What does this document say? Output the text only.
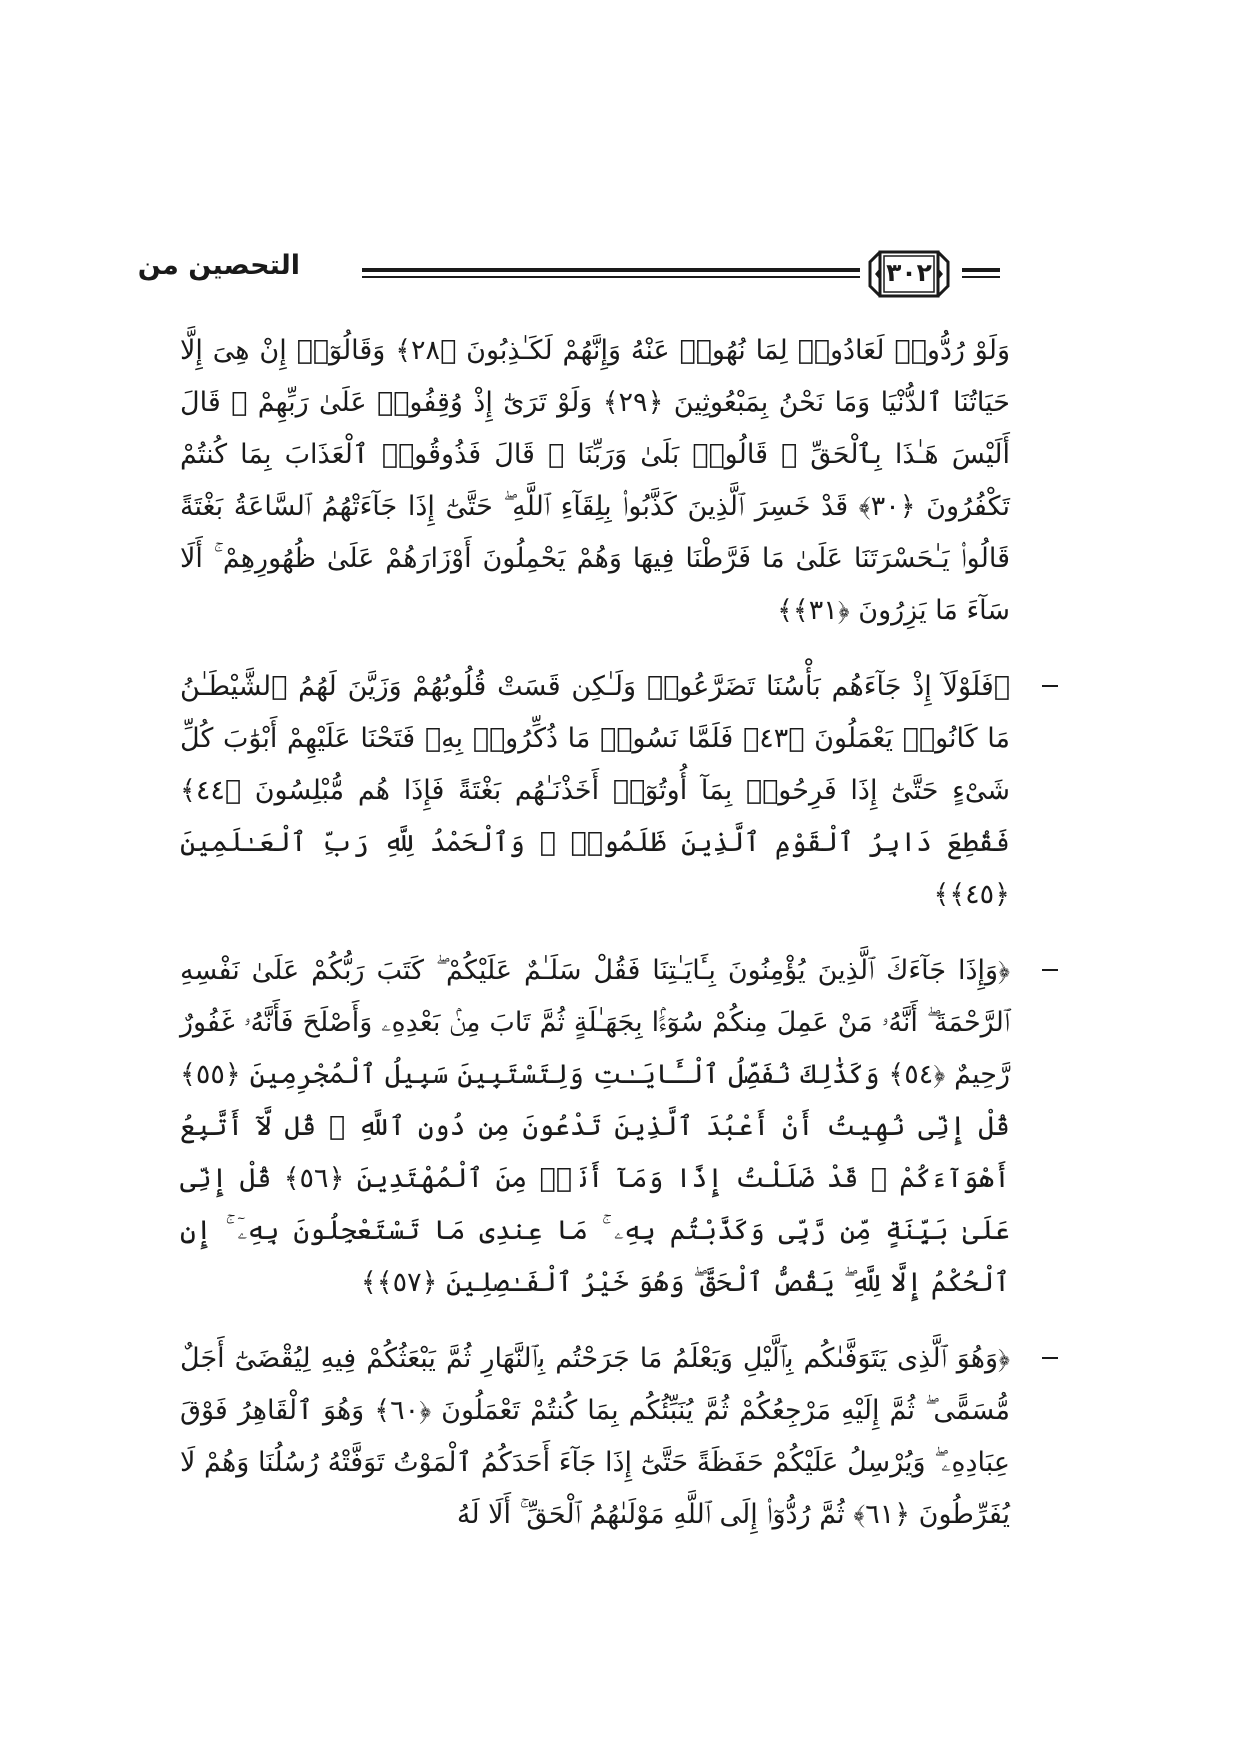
التحصين من	٣٠٢
وَلَوْ رُدُّوا۟ لَعَادُوا۟ لِمَا نُهُوا۟ عَنْهُ وَإِنَّهُمْ لَكَـٰذِبُونَ ﴿٢٨﴾ وَقَالُوٓا۟ إِنْ هِىَ إِلَّا حَيَاتُنَا ٱلدُّنْيَا وَمَا نَحْنُ بِمَبْعُوثِينَ ﴿٢٩﴾ وَلَوْ تَرَىٰٓ إِذْ وُقِفُوا۟ عَلَىٰ رَبِّهِمْ ۚ قَالَ أَلَيْسَ هَـٰذَا بِٱلْحَقِّ ۚ قَالُوا۟ بَلَىٰ وَرَبِّنَا ۚ قَالَ فَذُوقُوا۟ ٱلْعَذَابَ بِمَا كُنتُمْ تَكْفُرُونَ ﴿٣٠﴾ قَدْ خَسِرَ ٱلَّذِينَ كَذَّبُوا۟ بِلِقَآءِ ٱللَّهِ ۖ حَتَّىٰٓ إِذَا جَآءَتْهُمُ ٱلسَّاعَةُ بَغْتَةً قَالُوا۟ يَـٰحَسْرَتَنَا عَلَىٰ مَا فَرَّطْنَا فِيهَا وَهُمْ يَحْمِلُونَ أَوْزَارَهُمْ عَلَىٰ ظُهُورِهِمْ ۚ أَلَا سَآءَ مَا يَزِرُونَ ﴿٣١﴾﴾
﴿فَلَوْلَآ إِذْ جَآءَهُم بَأْسُنَا تَضَرَّعُوا۟ وَلَـٰكِن قَسَتْ قُلُوبُهُمْ وَزَيَّنَ لَهُمُ ٱلشَّيْطَـٰنُ مَا كَانُوا۟ يَعْمَلُونَ ﴿٤٣﴾ فَلَمَّا نَسُوا۟ مَا ذُكِّرُوا۟ بِهِۦ فَتَحْنَا عَلَيْهِمْ أَبْوَٰبَ كُلِّ شَىْءٍ حَتَّىٰٓ إِذَا فَرِحُوا۟ بِمَآ أُوتُوٓا۟ أَخَذْنَـٰهُم بَغْتَةً فَإِذَا هُم مُّبْلِسُونَ ﴿٤٤﴾ فَقُطِعَ دَابِرُ ٱلْقَوْمِ ٱلَّذِينَ ظَلَمُوا۟ ۚ وَٱلْحَمْدُ لِلَّهِ رَبِّ ٱلْعَـٰلَمِينَ ﴿٤٥﴾﴾
﴿وَإِذَا جَآءَكَ ٱلَّذِينَ يُؤْمِنُونَ بِـَٔايَـٰتِنَا فَقُلْ سَلَـٰمٌ عَلَيْكُمْ ۖ كَتَبَ رَبُّكُمْ عَلَىٰ نَفْسِهِ ٱلرَّحْمَةَ ۖ أَنَّهُۥ مَنْ عَمِلَ مِنكُمْ سُوٓءًۢا بِجَهَـٰلَةٍ ثُمَّ تَابَ مِنۢ بَعْدِهِۦ وَأَصْلَحَ فَأَنَّهُۥ غَفُورٌ رَّحِيمٌ ﴿٥٤﴾ وَكَذَٰلِكَ نُفَصِّلُ ٱلْـَٔايَـٰتِ وَلِتَسْتَبِينَ سَبِيلُ ٱلْمُجْرِمِينَ ﴿٥٥﴾ قُلْ إِنِّى نُهِيتُ أَنْ أَعْبُدَ ٱلَّذِينَ تَدْعُونَ مِن دُونِ ٱللَّهِ ۚ قُل لَّآ أَتَّبِعُ أَهْوَآءَكُمْ ۙ قَدْ ضَلَلْتُ إِذًا وَمَآ أَنَا۠ مِنَ ٱلْمُهْتَدِينَ ﴿٥٦﴾ قُلْ إِنِّى عَلَىٰ بَيِّنَةٍ مِّن رَّبِّى وَكَذَّبْتُم بِهِۦ ۚ مَا عِندِى مَا تَسْتَعْجِلُونَ بِهِۦٓ ۚ إِنِ ٱلْحُكْمُ إِلَّا لِلَّهِ ۖ يَقُصُّ ٱلْحَقَّ ۖ وَهُوَ خَيْرُ ٱلْفَـٰصِلِينَ ﴿٥٧﴾﴾
﴿وَهُوَ ٱلَّذِى يَتَوَفَّىٰكُم بِٱلَّيْلِ وَيَعْلَمُ مَا جَرَحْتُم بِٱلنَّهَارِ ثُمَّ يَبْعَثُكُمْ فِيهِ لِيُقْضَىٰٓ أَجَلٌ مُّسَمًّى ۖ ثُمَّ إِلَيْهِ مَرْجِعُكُمْ ثُمَّ يُنَبِّئُكُم بِمَا كُنتُمْ تَعْمَلُونَ ﴿٦٠﴾ وَهُوَ ٱلْقَاهِرُ فَوْقَ عِبَادِهِۦ ۖ وَيُرْسِلُ عَلَيْكُمْ حَفَظَةً حَتَّىٰٓ إِذَا جَآءَ أَحَدَكُمُ ٱلْمَوْتُ تَوَفَّتْهُ رُسُلُنَا وَهُمْ لَا يُفَرِّطُونَ ﴿٦١﴾ ثُمَّ رُدُّوٓا۟ إِلَى ٱللَّهِ مَوْلَىٰهُمُ ٱلْحَقِّ ۚ أَلَا لَهُ
